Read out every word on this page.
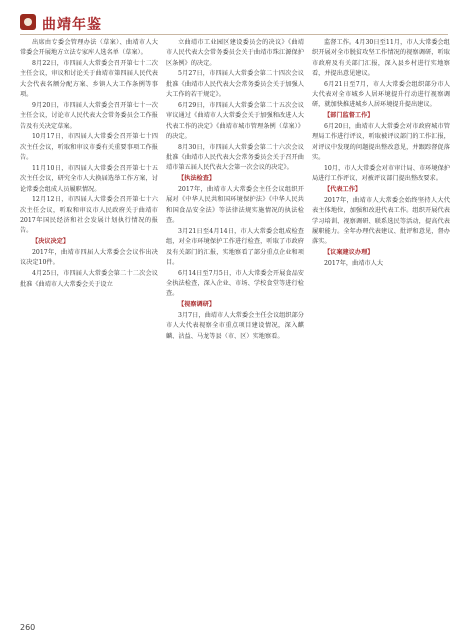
曲靖年鉴

出席由专委会管理办法（草案）、曲靖市人大常委会开展地方立法专家库人选名单（草案）。

8月22日，市四届人大常委会召开第七十二次主任会议，审议和讨论关于曲靖市第四届人民代表大会代表名额分配方案、乡镇人大工作条例等事项。

9月20日，市四届人大常委会召开第七十一次主任会议，讨论市人民代表大会常务委员会工作报告及有关决定草案。

10月17日，市四届人大常委会召开第七十四次主任会议，听取和审议市委有关重要事项工作报告。

11月10日，市四届人大常委会召开第七十五次主任会议，研究全市人大换届选举工作方案，讨论常委会组成人员履职情况。

12月12日，市四届人大常委会召开第七十六次主任会议，听取和审议市人民政府关于曲靖市2017年国民经济和社会发展计划执行情况的报告。

【决议决定】

2017年，曲靖市四届人大常委会会议作出决议决定10件。

4月25日，市四届人大常委会第二十二次会议批准《曲靖市人大常委会关于设立

立曲靖市工业园区建设委员会的决议》《曲靖市人民代表大会常务委员会关于曲靖市珠江源保护区条例》的决定。

5月27日，市四届人大常委会第二十四次会议批准《曲靖市人民代表大会常务委员会关于加强人大工作的若干规定》。

6月29日，市四届人大常委会第二十五次会议审议通过《曲靖市人大常委会关于加强和改进人大代表工作的决定》《曲靖市城市管理条例（草案）》的决定。

8月30日，市四届人大常委会第二十六次会议批准《曲靖市人民代表大会常务委员会关于召开曲靖市第五届人民代表大会第一次会议的决定》。

【执法检查】

2017年，曲靖市人大常委会主任会议组织开展对《中华人民共和国环境保护法》《中华人民共和国食品安全法》等法律法规实施情况的执法检查。

3月21日至4月14日，市人大常委会组成检查组，对全市环境保护工作进行检查，听取了市政府及有关部门的汇报，实地察看了部分重点企业和项目。

6月14日至7月5日，市人大常委会开展食品安全执法检查，深入企业、市场、学校食堂等进行检查。

【视察调研】

3月7日，曲靖市人大常委会主任会议组织部分市人大代表视察全市重点项目建设情况，深入麒麟、沾益、马龙等县（市、区）实地察看。

监督工作。4月30日至11月，市人大常委会组织开展对全市脱贫攻坚工作情况的视察调研，听取市政府及有关部门汇报，深入县乡村进行实地察看，并提出意见建议。

6月21日至7月，市人大常委会组织部分市人大代表对全市城乡人居环境提升行动进行视察调研，就加快推进城乡人居环境提升提出建议。

【部门监督工作】

6月20日，曲靖市人大常委会对市政府城市管理局工作进行评议，听取被评议部门的工作汇报，对评议中发现的问题提出整改意见，并跟踪督促落实。

10月，市人大常委会对市审计局、市环境保护局进行工作评议，对被评议部门提出整改要求。

【代表工作】

2017年，曲靖市人大常委会始终坚持人大代表主体地位，加强和改进代表工作。组织开展代表学习培训、视察调研、联系选民等活动，提高代表履职能力。全年办理代表建议、批评和意见，督办落实。

【议案建议办理】

2017年，曲靖市人大

260
